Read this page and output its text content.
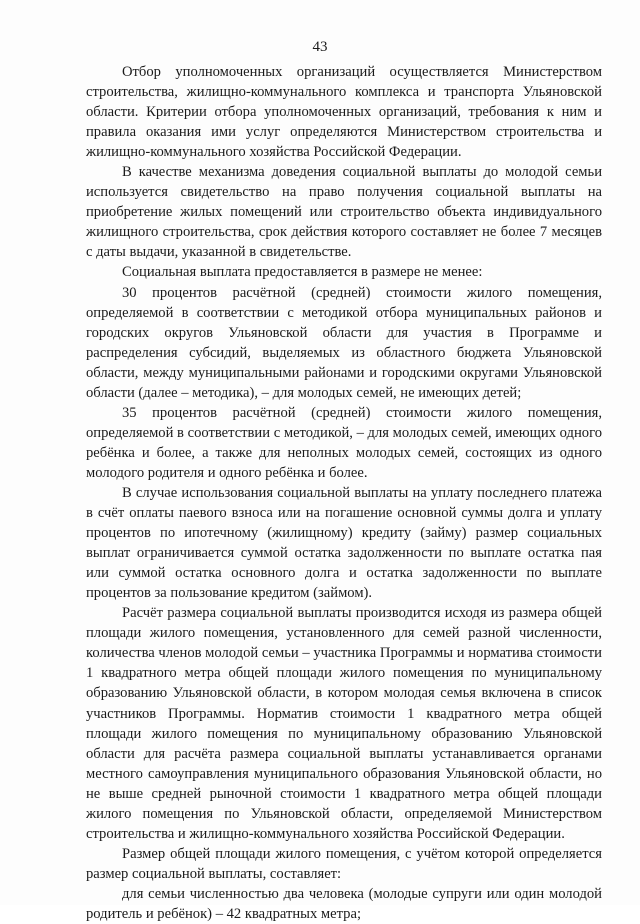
43

Отбор уполномоченных организаций осуществляется Министерством строительства, жилищно-коммунального комплекса и транспорта Ульяновской области. Критерии отбора уполномоченных организаций, требования к ним и правила оказания ими услуг определяются Министерством строительства и жилищно-коммунального хозяйства Российской Федерации.

В качестве механизма доведения социальной выплаты до молодой семьи используется свидетельство на право получения социальной выплаты на приобретение жилых помещений или строительство объекта индивидуального жилищного строительства, срок действия которого составляет не более 7 месяцев с даты выдачи, указанной в свидетельстве.

Социальная выплата предоставляется в размере не менее:

30 процентов расчётной (средней) стоимости жилого помещения, определяемой в соответствии с методикой отбора муниципальных районов и городских округов Ульяновской области для участия в Программе и распределения субсидий, выделяемых из областного бюджета Ульяновской области, между муниципальными районами и городскими округами Ульяновской области (далее – методика), – для молодых семей, не имеющих детей;

35 процентов расчётной (средней) стоимости жилого помещения, определяемой в соответствии с методикой, – для молодых семей, имеющих одного ребёнка и более, а также для неполных молодых семей, состоящих из одного молодого родителя и одного ребёнка и более.

В случае использования социальной выплаты на уплату последнего платежа в счёт оплаты паевого взноса или на погашение основной суммы долга и уплату процентов по ипотечному (жилищному) кредиту (займу) размер социальных выплат ограничивается суммой остатка задолженности по выплате остатка пая или суммой остатка основного долга и остатка задолженности по выплате процентов за пользование кредитом (займом).

Расчёт размера социальной выплаты производится исходя из размера общей площади жилого помещения, установленного для семей разной численности, количества членов молодой семьи – участника Программы и норматива стоимости 1 квадратного метра общей площади жилого помещения по муниципальному образованию Ульяновской области, в котором молодая семья включена в список участников Программы. Норматив стоимости 1 квадратного метра общей площади жилого помещения по муниципальному образованию Ульяновской области для расчёта размера социальной выплаты устанавливается органами местного самоуправления муниципального образования Ульяновской области, но не выше средней рыночной стоимости 1 квадратного метра общей площади жилого помещения по Ульяновской области, определяемой Министерством строительства и жилищно-коммунального хозяйства Российской Федерации.

Размер общей площади жилого помещения, с учётом которой определяется размер социальной выплаты, составляет:

для семьи численностью два человека (молодые супруги или один молодой родитель и ребёнок) – 42 квадратных метра;
